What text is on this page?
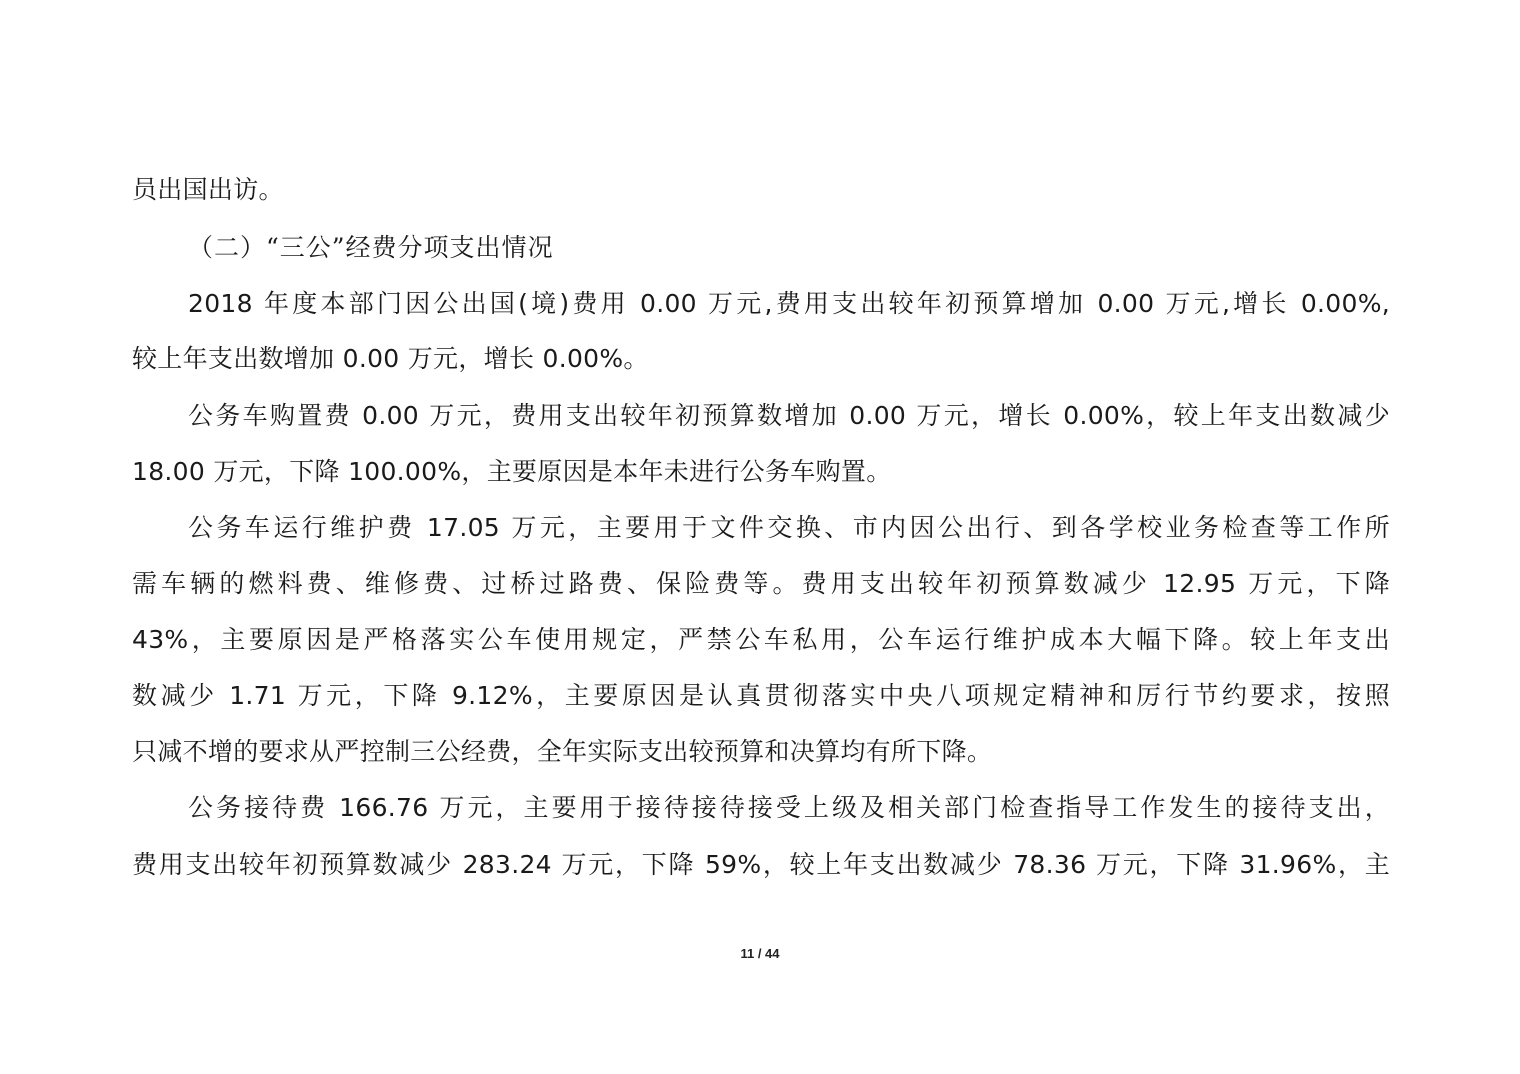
员出国出访。
（二）“三公”经费分项支出情况
2018 年度本部门因公出国(境)费用 0.00 万元,费用支出较年初预算增加 0.00 万元,增长 0.00%,
较上年支出数增加 0.00 万元，增长 0.00%。
公务车购置费 0.00 万元，费用支出较年初预算数增加 0.00 万元，增长 0.00%，较上年支出数减少
18.00 万元，下降 100.00%，主要原因是本年未进行公务车购置。
公务车运行维护费 17.05 万元，主要用于文件交换、市内因公出行、到各学校业务检查等工作所
需车辆的燃料费、维修费、过桥过路费、保险费等。费用支出较年初预算数减少 12.95 万元，下降
43%，主要原因是严格落实公车使用规定，严禁公车私用，公车运行维护成本大幅下降。较上年支出
数减少 1.71 万元，下降 9.12%，主要原因是认真贯彻落实中央八项规定精神和厉行节约要求，按照
只减不增的要求从严控制三公经费，全年实际支出较预算和决算均有所下降。
公务接待费 166.76 万元，主要用于接待接待接受上级及相关部门检查指导工作发生的接待支出，
费用支出较年初预算数减少 283.24 万元，下降 59%，较上年支出数减少 78.36 万元，下降 31.96%，主
11 / 44
